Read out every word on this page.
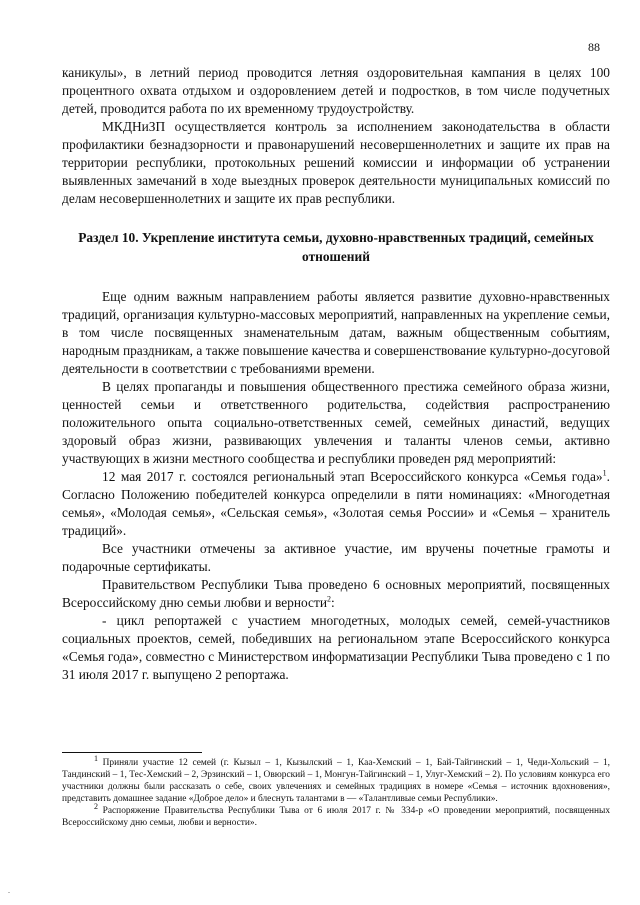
88

каникулы», в летний период проводится летняя оздоровительная кампания в целях 100 процентного охвата отдыхом и оздоровлением детей и подростков, в том числе подучетных детей, проводится работа по их временному трудоустройству.

МКДНиЗП осуществляется контроль за исполнением законодательства в области профилактики безнадзорности и правонарушений несовершеннолетних и защите их прав на территории республики, протокольных решений комиссии и информации об устранении выявленных замечаний в ходе выездных проверок деятельности муниципальных комиссий по делам несовершеннолетних и защите их прав республики.

Раздел 10. Укрепление института семьи, духовно-нравственных традиций, семейных отношений

Еще одним важным направлением работы является развитие духовно-нравственных традиций, организация культурно-массовых мероприятий, направленных на укрепление семьи, в том числе посвященных знаменательным датам, важным общественным событиям, народным праздникам, а также повышение качества и совершенствование культурно-досуговой деятельности в соответствии с требованиями времени.

В целях пропаганды и повышения общественного престижа семейного образа жизни, ценностей семьи и ответственного родительства, содействия распространению положительного опыта социально-ответственных семей, семейных династий, ведущих здоровый образ жизни, развивающих увлечения и таланты членов семьи, активно участвующих в жизни местного сообщества и республики проведен ряд мероприятий:

12 мая 2017 г. состоялся региональный этап Всероссийского конкурса «Семья года»$^1$. Согласно Положению победителей конкурса определили в пяти номинациях: «Многодетная семья», «Молодая семья», «Сельская семья», «Золотая семья России» и «Семья – хранитель традиций».

Все участники отмечены за активное участие, им вручены почетные грамоты и подарочные сертификаты.

Правительством Республики Тыва проведено 6 основных мероприятий, посвященных Всероссийскому дню семьи любви и верности$^2$:

- цикл репортажей с участием многодетных, молодых семей, семей-участников социальных проектов, семей, победивших на региональном этапе Всероссийского конкурса «Семья года», совместно с Министерством информатизации Республики Тыва проведено с 1 по 31 июля 2017 г. выпущено 2 репортажа.

$^1$ Приняли участие 12 семей (г. Кызыл – 1, Кызылский – 1, Каа-Хемский – 1, Бай-Тайгинский – 1, Чеди-Хольский – 1, Тандинский – 1, Тес-Хемский – 2, Эрзинский – 1, Овюрский – 1, Монгун-Тайгинский – 1, Улуг-Хемский – 2). По условиям конкурса его участники должны были рассказать о себе, своих увлечениях и семейных традициях в номере «Семья – источник вдохновения», представить домашнее задание «Доброе дело» и блеснуть талантами в — «Талантливые семьи Республики».

$^2$ Распоряжение Правительства Республики Тыва от 6 июля 2017 г. № 334-р «О проведении мероприятий, посвященных Всероссийскому дню семьи, любви и верности».

.
